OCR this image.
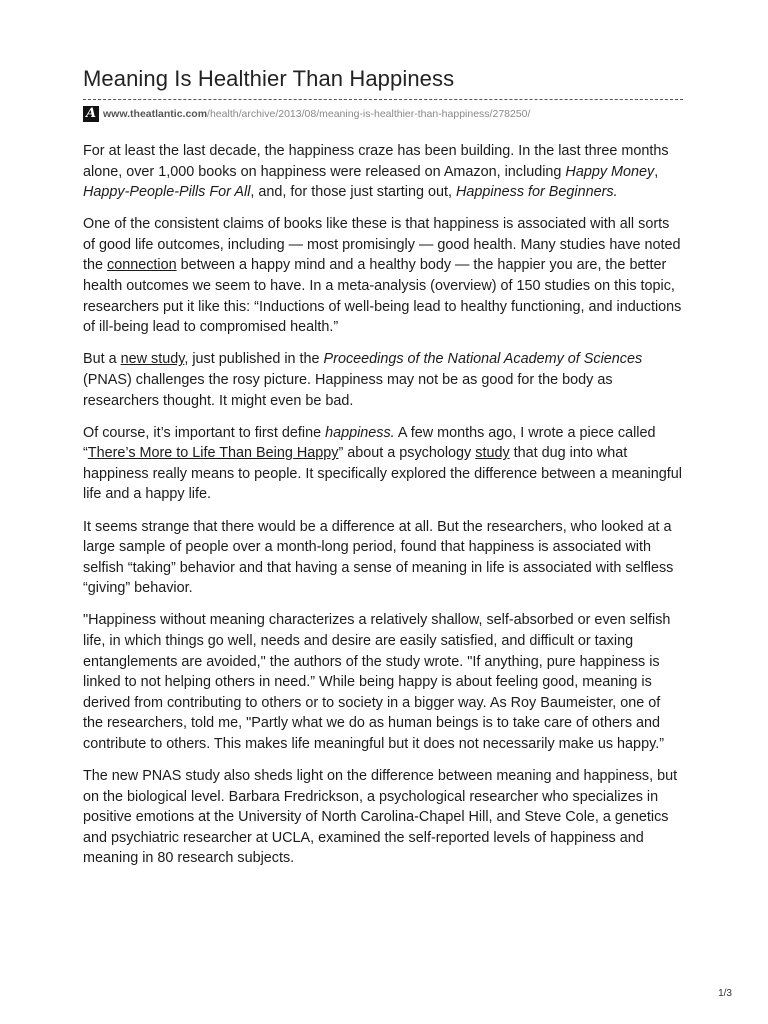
Meaning Is Healthier Than Happiness
A www.theatlantic.com/health/archive/2013/08/meaning-is-healthier-than-happiness/278250/

For at least the last decade, the happiness craze has been building. In the last three months alone, over 1,000 books on happiness were released on Amazon, including Happy Money, Happy-People-Pills For All, and, for those just starting out, Happiness for Beginners.

One of the consistent claims of books like these is that happiness is associated with all sorts of good life outcomes, including — most promisingly — good health. Many studies have noted the connection between a happy mind and a healthy body — the happier you are, the better health outcomes we seem to have. In a meta-analysis (overview) of 150 studies on this topic, researchers put it like this: “Inductions of well-being lead to healthy functioning, and inductions of ill-being lead to compromised health.”

But a new study, just published in the Proceedings of the National Academy of Sciences (PNAS) challenges the rosy picture. Happiness may not be as good for the body as researchers thought. It might even be bad.

Of course, it’s important to first define happiness. A few months ago, I wrote a piece called “There’s More to Life Than Being Happy” about a psychology study that dug into what happiness really means to people. It specifically explored the difference between a meaningful life and a happy life.

It seems strange that there would be a difference at all. But the researchers, who looked at a large sample of people over a month-long period, found that happiness is associated with selfish “taking” behavior and that having a sense of meaning in life is associated with selfless “giving” behavior.

"Happiness without meaning characterizes a relatively shallow, self-absorbed or even selfish life, in which things go well, needs and desire are easily satisfied, and difficult or taxing entanglements are avoided," the authors of the study wrote. "If anything, pure happiness is linked to not helping others in need.” While being happy is about feeling good, meaning is derived from contributing to others or to society in a bigger way. As Roy Baumeister, one of the researchers, told me, "Partly what we do as human beings is to take care of others and contribute to others. This makes life meaningful but it does not necessarily make us happy.”

The new PNAS study also sheds light on the difference between meaning and happiness, but on the biological level. Barbara Fredrickson, a psychological researcher who specializes in positive emotions at the University of North Carolina-Chapel Hill, and Steve Cole, a genetics and psychiatric researcher at UCLA, examined the self-reported levels of happiness and meaning in 80 research subjects.

1/3
